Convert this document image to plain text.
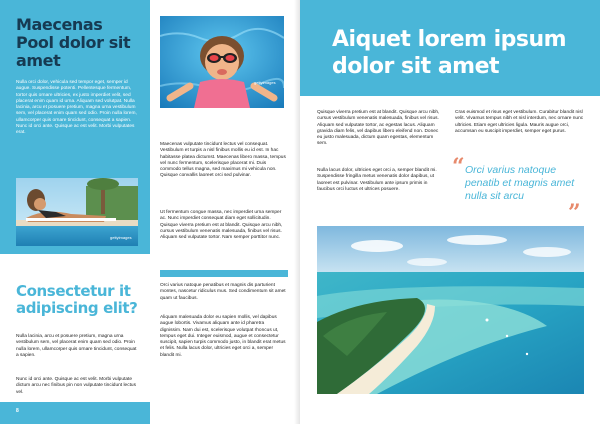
Maecenas Pool dolor sit amet
Nulla orci dolor, vehicula sed tempor eget, semper id augue. Suspendisse potenti. Pellentesque fermentum, tortor quis ornare ultricies, ex justo imperdiet velit, sed placerat enim quam id urna. Aliquam sed volutpat. Nulla lacinia, arcu et posuere pretium, magna urna vestibulum sem, vel placerat enim quam sed odio. Proin nulla lorem, ullamcorper quis ornare tincidunt, consequat a sapien. Nunc id orci ante. Quisque ac est velit. Morbi vulputates erat.
gettyimages
Consectetur it adipiscing elit?
Nulla lacinia, arcu et posuere pretium, magna urna vestibulum sem, vel placerat enim quam sed odio. Proin nulla lorem, ullamcorper quis ornare tincidunt, consequat a sapien.
Nunc id orci ante. Quisque ac est velit. Morbi vulputate dictum arcu nec finibus pin non vulputate tincidunt lectus vel.
8
gettyimages
Maecenas vulputate tincidunt lectus vel consequat. Vestibulum et turpis a nisl finibus mollis eu id est. In hac habitasse platea dictumst. Maecenas libero massa, tempus vel nunc fermentum, scelerisque placerat mi. Duis commodo tellus magna, sed maximus mi vehicula non. Quisque convallis laoreet orci sed pulvinar.
Ut fermentum congue massa, nec imperdiet urna semper ac. Nunc imperdiet consequat diam eget sollicitudin. Quisque viverra pretium est at blandit. Quisque arcu nibh, cursus vestibulum venenatis malesuada, finibus vel risus. Aliquam sed vulputate tortor. Nam semper porttitor nunc.
Orci varius natoque penatibus et magnis dis parturient montes, nascetur ridiculus mus. Sed condimentum sit amet quam ut faucibus.
Aliquam malesuada dolor eu sapien mollis, vel dapibus augue lobortis. Vivamus aliquam ante id pharetra dignissim. Nam dui est, scelerisque volutpat rhoncus ut, tempus eget dui. Integer euismod, augue et consectetur suscipit, sapien turpis commodo justo, in blandit erat metus et felis. Nulla lacus dolor, ultricies eget orci a, semper blandit mi.
Aiquet lorem ipsum dolor sit amet
Quisque viverra pretium est at blandit. Quisque arcu nibh, cursus vestibulum venenatis malesuada, finibus vel risus. Aliquam sed vulputate tortor, ac egestas lacus. Aliquam gravida diam felis, vel dapibus libero eleifend non. Donec eu justo malesuada, dictum quam egestas, elementum sem.
Nulla lacus dolor, ultricies eget orci a, semper blandit mi. Suspendisse fringilla metus venenatis dolor dapibus, ut laoreet est pulvinar. Vestibulum ante ipsum primis in faucibus orci luctus et ultrices posuere.
Cras euismod et risus eget vestibulum. Curabitur blandit nisl velit. Vivamus tempus nibh et nisl interdum, nec ornare nunc ultricies. Etiam eget ultricies ligula. Mauris augue orci, accumsan eu suscipit imperdiet, semper eget purus.
“ Orci varius natoque penatib et magnis amet nulla sit arcu
”
9
